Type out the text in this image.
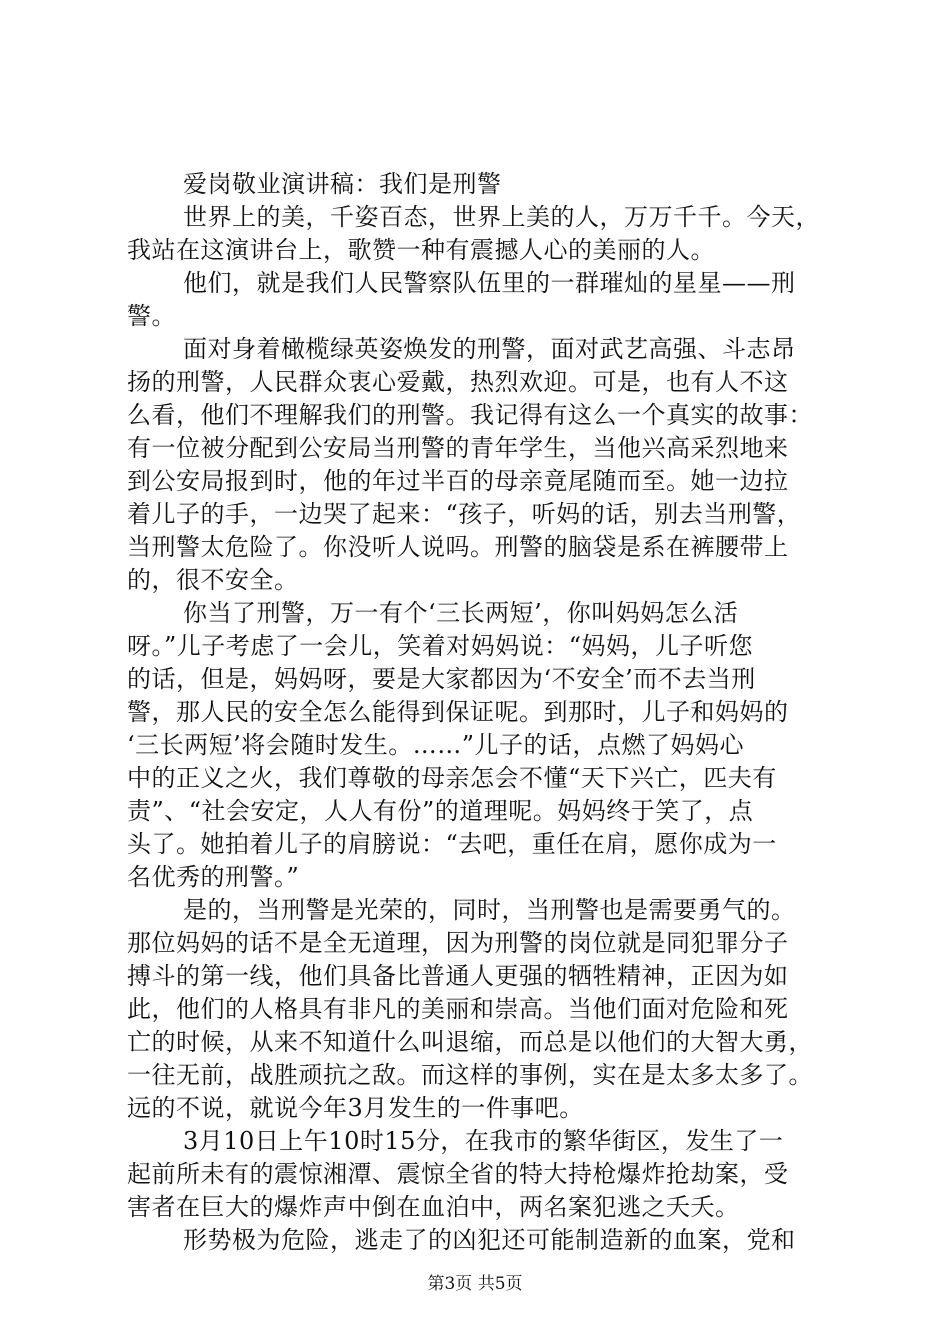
爱岗敬业演讲稿：我们是刑警
世界上的美，千姿百态，世界上美的人，万万千千。今天，
我站在这演讲台上，歌赞一种有震撼人心的美丽的人。
他们，就是我们人民警察队伍里的一群璀灿的星星——刑
警。
面对身着橄榄绿英姿焕发的刑警，面对武艺高强、斗志昂
扬的刑警，人民群众衷心爱戴，热烈欢迎。可是，也有人不这
么看，他们不理解我们的刑警。我记得有这么一个真实的故事：
有一位被分配到公安局当刑警的青年学生，当他兴高采烈地来
到公安局报到时，他的年过半百的母亲竟尾随而至。她一边拉
着儿子的手，一边哭了起来：“孩子，听妈的话，别去当刑警，
当刑警太危险了。你没听人说吗。刑警的脑袋是系在裤腰带上
的，很不安全。
你当了刑警，万一有个‘三长两短’，你叫妈妈怎么活
呀。”儿子考虑了一会儿，笑着对妈妈说：“妈妈，儿子听您
的话，但是，妈妈呀，要是大家都因为‘不安全’而不去当刑
警，那人民的安全怎么能得到保证呢。到那时，儿子和妈妈的
‘三长两短’将会随时发生。……”儿子的话，点燃了妈妈心
中的正义之火，我们尊敬的母亲怎会不懂“天下兴亡，匹夫有
责”、“社会安定，人人有份”的道理呢。妈妈终于笑了，点
头了。她拍着儿子的肩膀说：“去吧，重任在肩，愿你成为一
名优秀的刑警。”
是的，当刑警是光荣的，同时，当刑警也是需要勇气的。
那位妈妈的话不是全无道理，因为刑警的岗位就是同犯罪分子
搏斗的第一线，他们具备比普通人更强的牺牲精神，正因为如
此，他们的人格具有非凡的美丽和崇高。当他们面对危险和死
亡的时候，从来不知道什么叫退缩，而总是以他们的大智大勇，
一往无前，战胜顽抗之敌。而这样的事例，实在是太多太多了。
远的不说，就说今年3月发生的一件事吧。
3月10日上午10时15分，在我市的繁华街区，发生了一
起前所未有的震惊湘潭、震惊全省的特大持枪爆炸抢劫案，受
害者在巨大的爆炸声中倒在血泊中，两名案犯逃之夭夭。
形势极为危险，逃走了的凶犯还可能制造新的血案，党和
第3页 共5页
